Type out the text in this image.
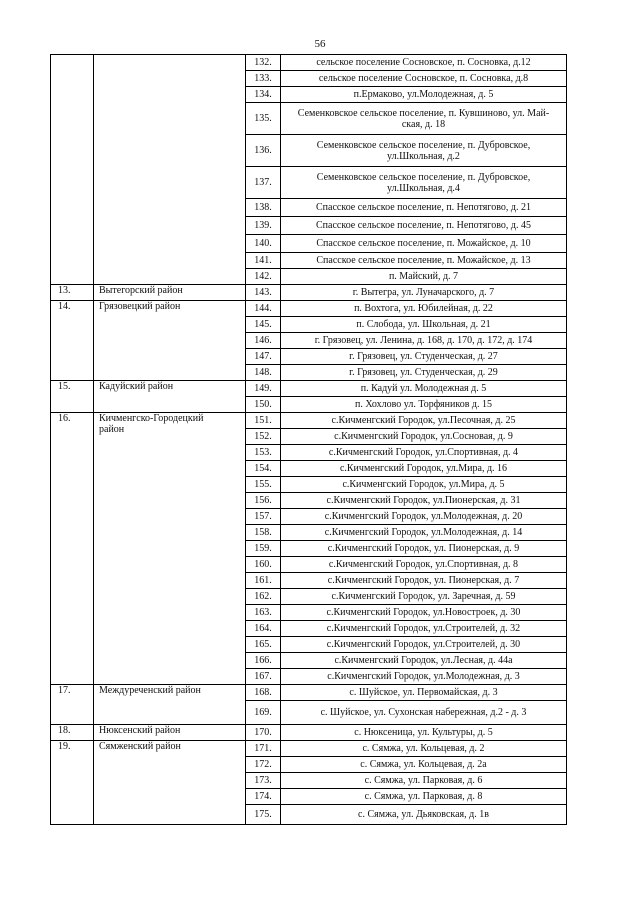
56
		132.	сельское поселение Сосновское, п. Сосновка, д.12
		133.	сельское поселение Сосновское, п. Сосновка, д.8
		134.	п.Ермаково, ул.Молодежная, д. 5
		135.	Семенковское сельское поселение, п. Кувшиново, ул. Май-
ская, д. 18
		136.	Семенковское сельское поселение, п. Дубровское,
ул.Школьная, д.2
		137.	Семенковское сельское поселение, п. Дубровское,
ул.Школьная, д.4
		138.	Спасское сельское поселение, п. Непотягово, д. 21
		139.	Спасское сельское поселение, п. Непотягово, д. 45
		140.	Спасское сельское поселение, п. Можайское, д. 10
		141.	Спасское сельское поселение, п. Можайское, д. 13
		142.	п. Майский, д. 7
13.	Вытегорский район	143.	г. Вытегра, ул. Луначарского, д. 7
14.	Грязовецкий район	144.	п. Вохтога, ул. Юбилейная, д. 22
		145.	п. Слобода, ул. Школьная, д. 21
		146.	г. Грязовец, ул. Ленина, д. 168, д. 170, д. 172, д. 174
		147.	г. Грязовец, ул. Студенческая, д. 27
		148.	г. Грязовец, ул. Студенческая, д. 29
15.	Кадуйский район	149.	п. Кадуй ул. Молодежная д. 5
		150.	п. Хохлово ул. Торфяников д. 15
16.	Кичменгско-Городецкий
район	151.	с.Кичменгский Городок, ул.Песочная, д. 25
		152.	с.Кичменгский Городок, ул.Сосновая, д. 9
		153.	с.Кичменгский Городок, ул.Спортивная, д. 4
		154.	с.Кичменгский Городок, ул.Мира, д. 16
		155.	с.Кичменгский Городок, ул.Мира, д. 5
		156.	с.Кичменгский Городок, ул.Пионерская, д. 31
		157.	с.Кичменгский Городок, ул.Молодежная, д. 20
		158.	с.Кичменгский Городок, ул.Молодежная, д. 14
		159.	с.Кичменгский Городок, ул. Пионерская, д. 9
		160.	с.Кичменгский Городок, ул.Спортивная, д. 8
		161.	с.Кичменгский Городок, ул. Пионерская, д. 7
		162.	с.Кичменгский Городок, ул. Заречная, д. 59
		163.	с.Кичменгский Городок, ул.Новостроек, д. 30
		164.	с.Кичменгский Городок, ул.Строителей, д. 32
		165.	с.Кичменгский Городок, ул.Строителей, д. 30
		166.	с.Кичменгский Городок, ул.Лесная, д. 44а
		167.	с.Кичменгский Городок, ул.Молодежная, д. 3
17.	Междуреченский район	168.	с. Шуйское, ул. Первомайская, д. 3
		169.	с. Шуйское, ул. Сухонская набережная, д.2 - д. 3
18.	Нюксенский район	170.	с. Нюксеница, ул. Культуры, д. 5
19.	Сямженский район	171.	с. Сямжа, ул. Кольцевая, д. 2
		172.	с. Сямжа, ул. Кольцевая, д. 2а
		173.	с. Сямжа, ул. Парковая, д. 6
		174.	с. Сямжа, ул. Парковая, д. 8
		175.	с. Сямжа, ул. Дьяковская, д. 1в
